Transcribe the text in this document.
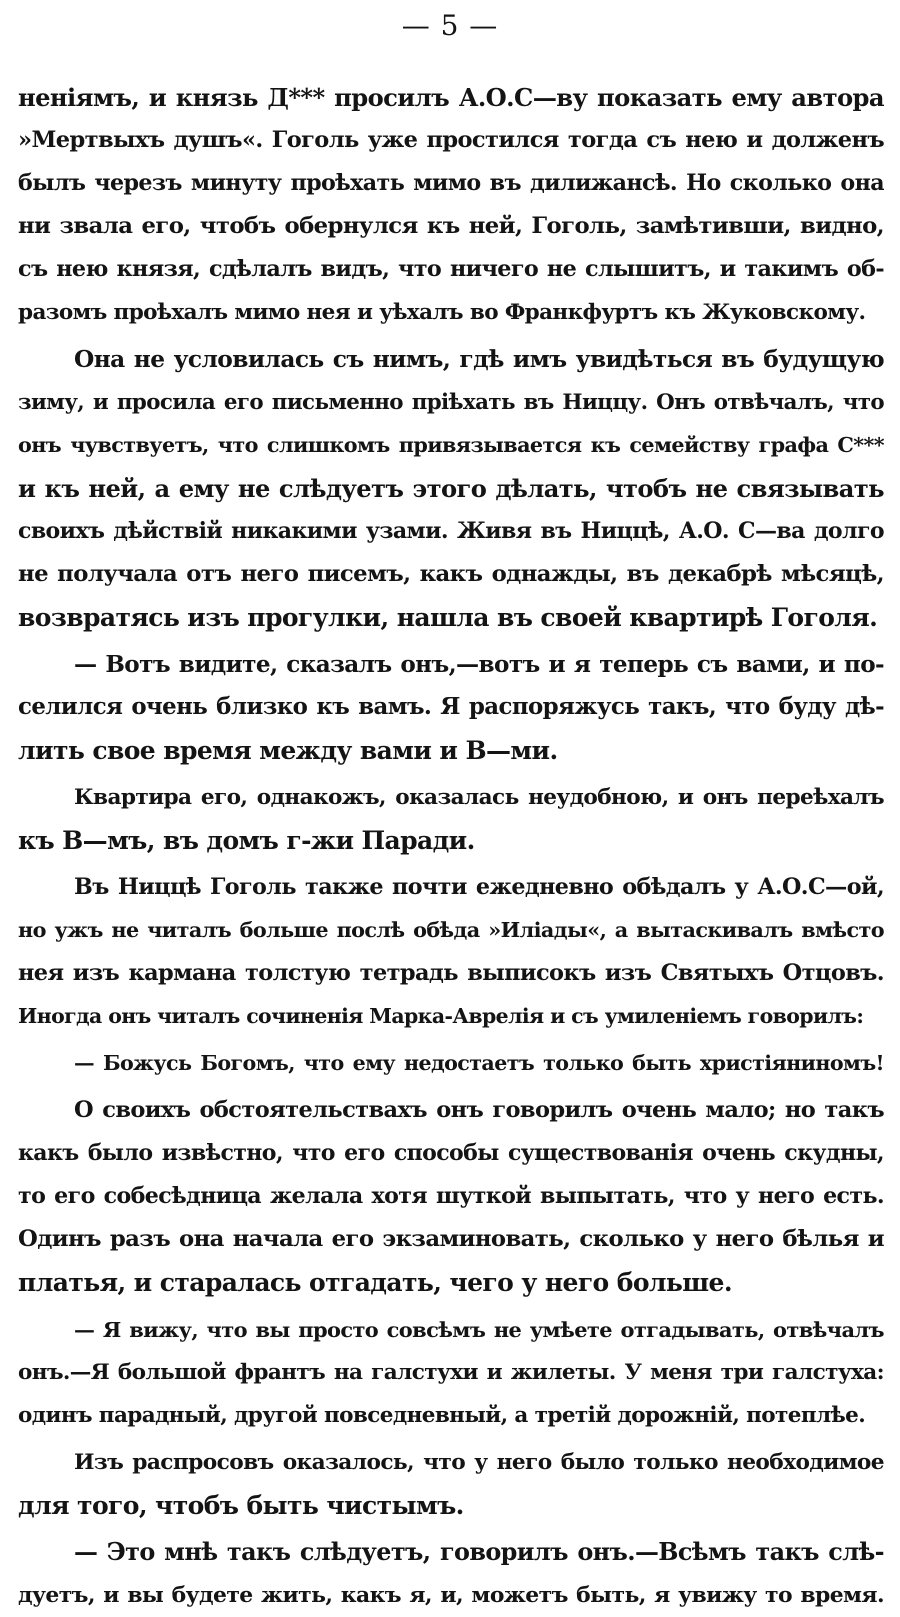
— 5 —
ненiямъ, и князь Д*** просилъ А.О.С—ву показать ему автора
»Мертвыхъ душъ«. Гоголь уже простился тогда съ нею и долженъ
былъ черезъ минуту проѣхать мимо въ дилижансѣ. Но сколько она
ни звала его, чтобъ обернулся къ ней, Гоголь, замѣтивши, видно,
съ нею князя, сдѣлалъ видъ, что ничего не слышитъ, и такимъ об-
разомъ проѣхалъ мимо нея и уѣхалъ во Франкфуртъ къ Жуковскому.
Она не условилась съ нимъ, гдѣ имъ увидѣться въ будущую
зиму, и просила его письменно прiѣхать въ Ниццу. Онъ отвѣчалъ, что
онъ чувствуетъ, что слишкомъ привязывается къ семейству графа С***
и къ ней, а ему не слѣдуетъ этого дѣлать, чтобъ не связывать
своихъ дѣйствiй никакими узами. Живя въ Ниццѣ, А.О. С—ва долго
не получала отъ него писемъ, какъ однажды, въ декабрѣ мѣсяцѣ,
возвратясь изъ прогулки, нашла въ своей квартирѣ Гоголя.
— Вотъ видите, сказалъ онъ,—вотъ и я теперь съ вами, и по-
селился очень близко къ вамъ. Я распоряжусь такъ, что буду дѣ-
лить свое время между вами и В—ми.
Квартира его, однакожъ, оказалась неудобною, и онъ переѣхалъ
къ В—мъ, въ домъ г-жи Паради.
Въ Ниццѣ Гоголь также почти ежедневно обѣдалъ у А.О.С—ой,
но ужъ не читалъ больше послѣ обѣда »Илiады«, а вытаскивалъ вмѣсто
нея изъ кармана толстую тетрадь выписокъ изъ Святыхъ Отцовъ.
Иногда онъ читалъ сочиненiя Марка-Аврелiя и съ умиленiемъ говорилъ:
— Божусь Богомъ, что ему недостаетъ только быть христiяниномъ!
О своихъ обстоятельствахъ онъ говорилъ очень мало; но такъ
какъ было извѣстно, что его способы существованiя очень скудны,
то его собесѣдница желала хотя шуткой выпытать, что у него есть.
Одинъ разъ она начала его экзаминовать, сколько у него бѣлья и
платья, и старалась отгадать, чего у него больше.
— Я вижу, что вы просто совсѣмъ не умѣете отгадывать, отвѣчалъ
онъ.—Я большой франтъ на галстухи и жилеты. У меня три галстуха:
одинъ парадный, другой повседневный, а третiй дорожнiй, потеплѣе.
Изъ распросовъ оказалось, что у него было только необходимое
для того, чтобъ быть чистымъ.
— Это мнѣ такъ слѣдуетъ, говорилъ онъ.—Всѣмъ такъ слѣ-
дуетъ, и вы будете жить, какъ я, и, можетъ быть, я увижу то время.
